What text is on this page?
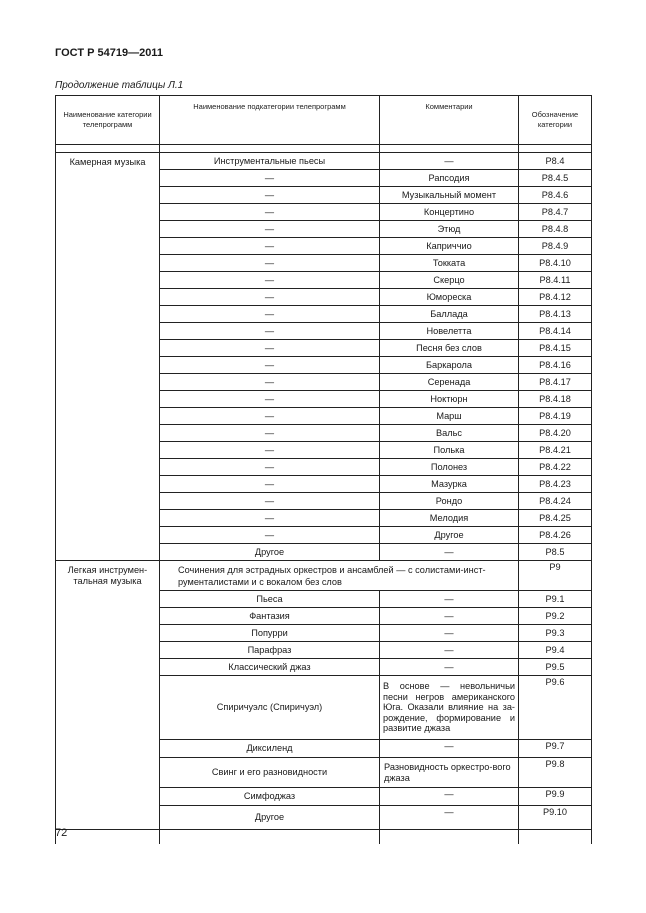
ГОСТ Р 54719—2011
Продолжение таблицы Л.1
Наименование категории телепрограмм	Наименование подкатегории телепрограмм	Комментарии	Обозначение категории

Камерная музыка	Инструментальные пьесы	—	P8.4
	—	Рапсодия	P8.4.5
	—	Музыкальный момент	P8.4.6
	—	Концертино	P8.4.7
	—	Этюд	P8.4.8
	—	Каприччио	P8.4.9
	—	Токката	P8.4.10
	—	Скерцо	P8.4.11
	—	Юмореска	P8.4.12
	—	Баллада	P8.4.13
	—	Новелетта	P8.4.14
	—	Песня без слов	P8.4.15
	—	Баркарола	P8.4.16
	—	Серенада	P8.4.17
	—	Ноктюрн	P8.4.18
	—	Марш	P8.4.19
	—	Вальс	P8.4.20
	—	Полька	P8.4.21
	—	Полонез	P8.4.22
	—	Мазурка	P8.4.23
	—	Рондо	P8.4.24
	—	Мелодия	P8.4.25
	—	Другое	P8.4.26
	Другое	—	P8.5
Легкая инструмен-тальная музыка	Сочинения для эстрадных оркестров и ансамблей — с солистами-инст-рументалистами и с вокалом без слов		P9
	Пьеса	—	P9.1
	Фантазия	—	P9.2
	Попурри	—	P9.3
	Парафраз	—	P9.4
	Классический джаз	—	P9.5
	Спиричуэлс (Спиричуэл)	В основе — невольничьи песни негров американского Юга. Оказали влияние на за-рождение, формирование и развитие джаза	P9.6
	Диксиленд	—	P9.7
	Свинг и его разновидности	Разновидность оркестро-вого джаза	P9.8
	Симфоджаз	—	P9.9
	Другое	—	P9.10

72
